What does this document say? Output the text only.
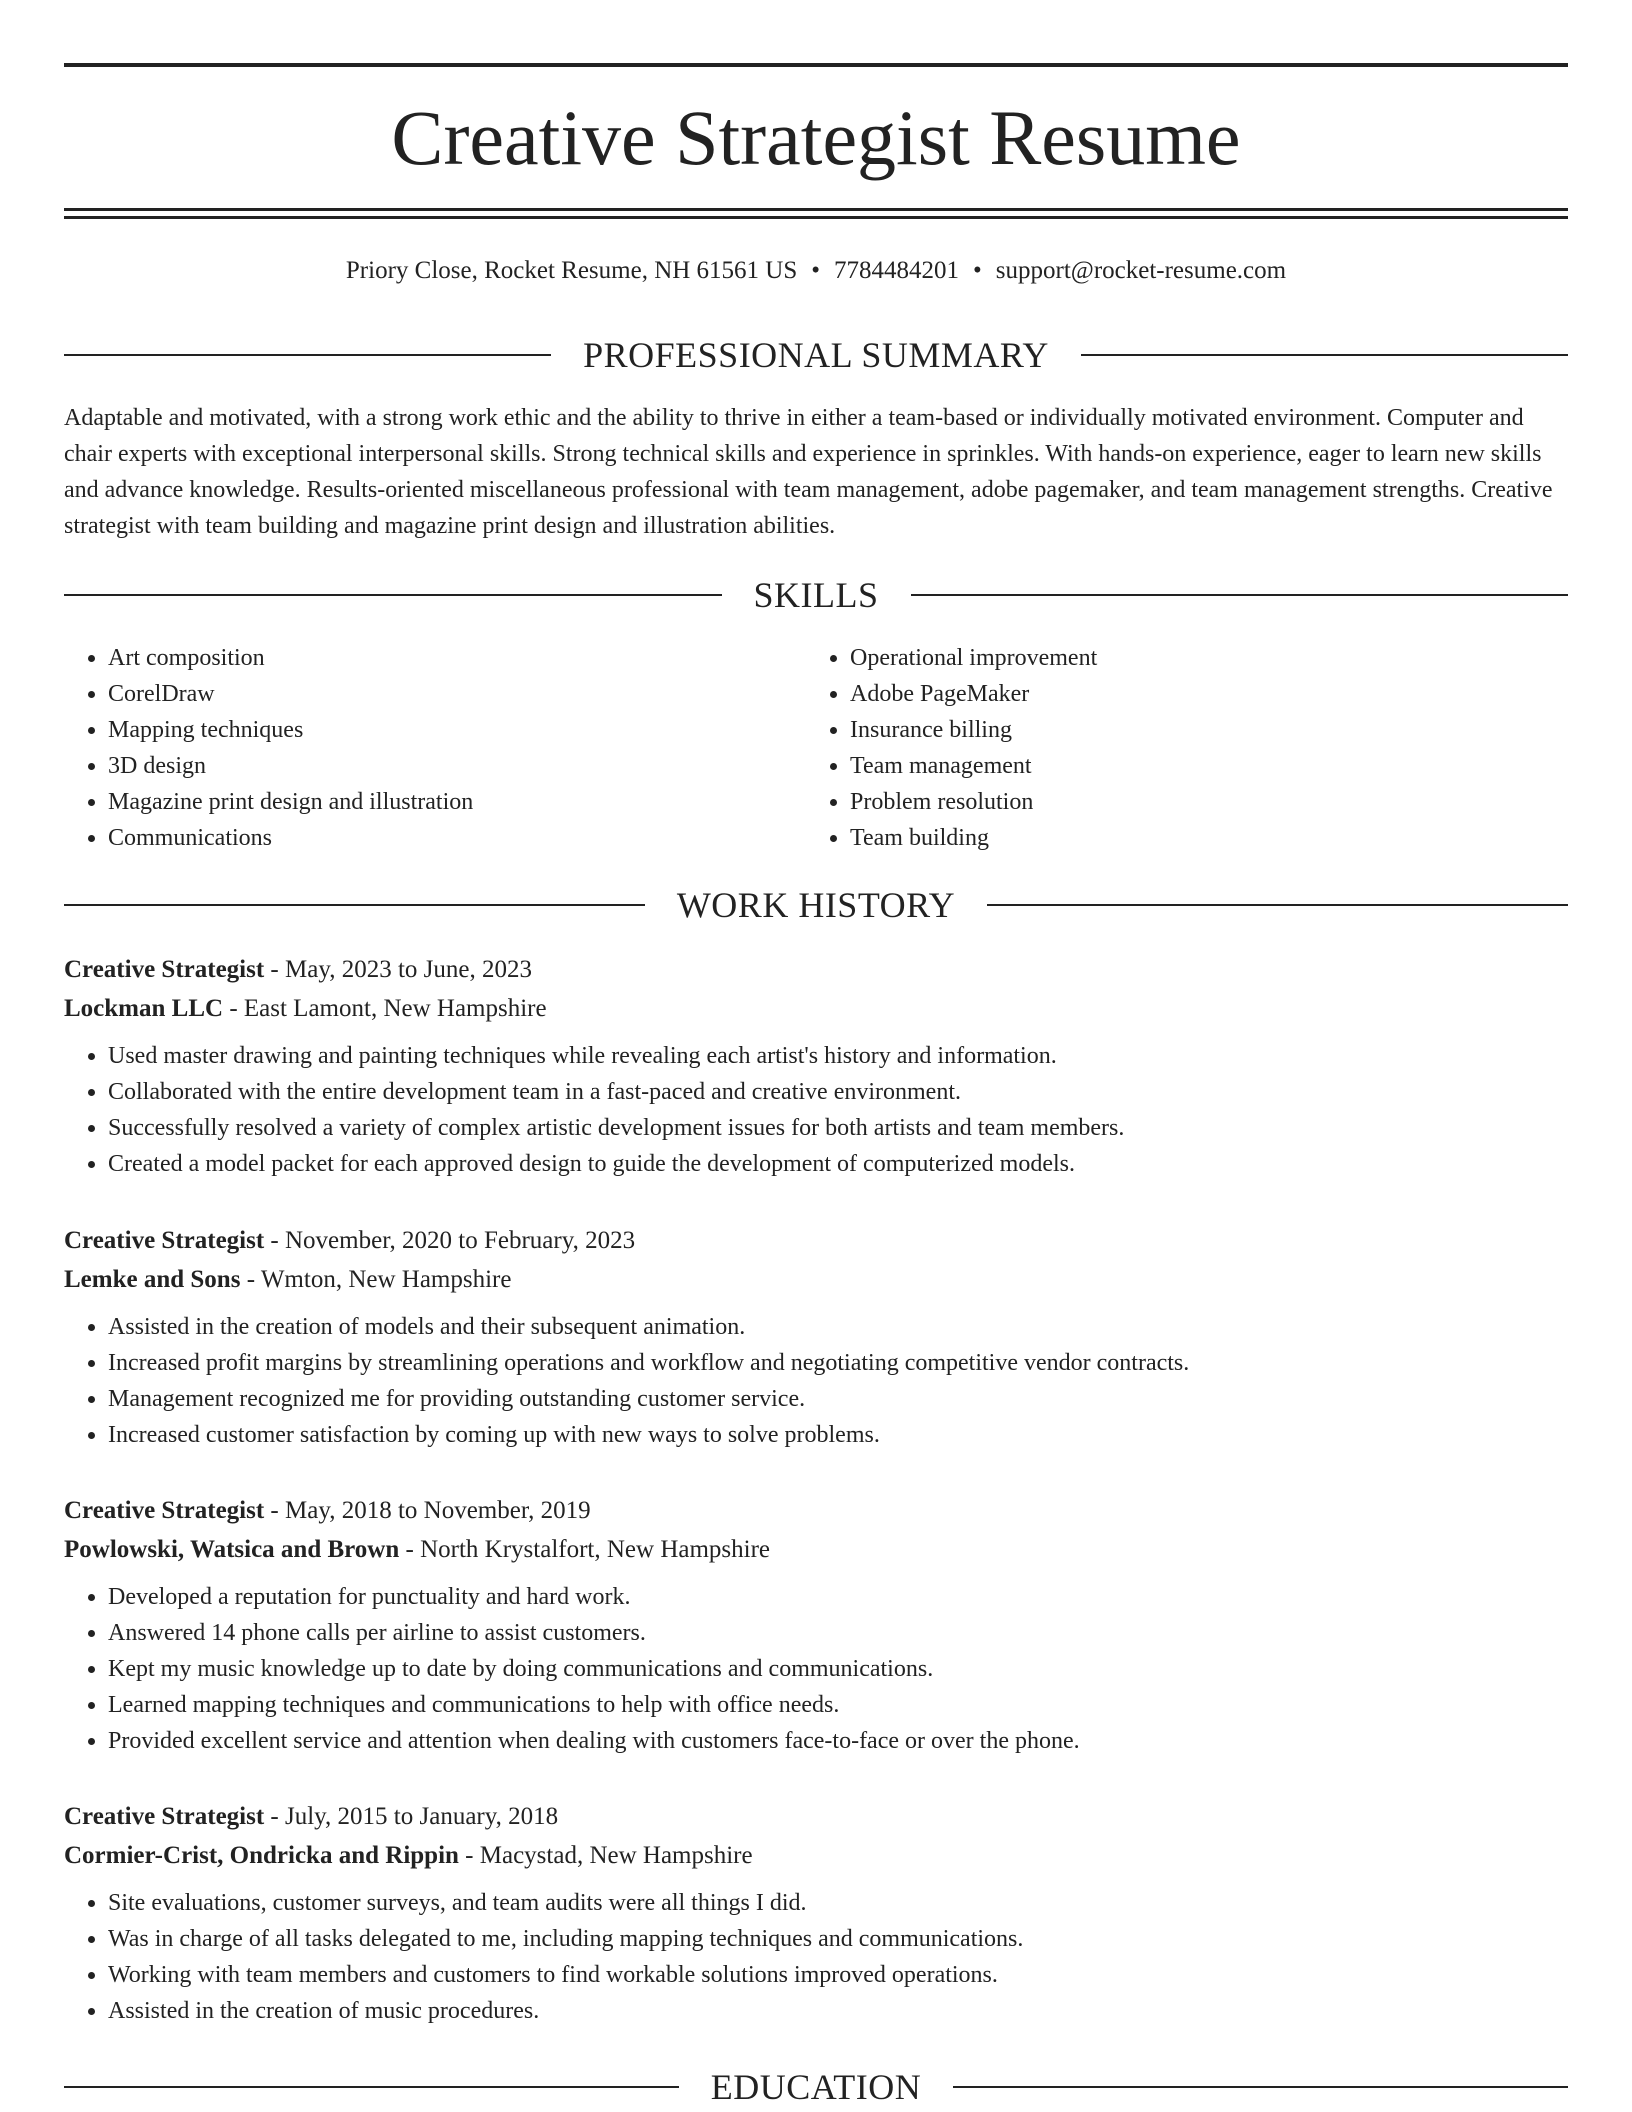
Creative Strategist Resume
Priory Close, Rocket Resume, NH 61561 US • 7784484201 • support@rocket-resume.com
PROFESSIONAL SUMMARY
Adaptable and motivated, with a strong work ethic and the ability to thrive in either a team-based or individually motivated environment. Computer and chair experts with exceptional interpersonal skills. Strong technical skills and experience in sprinkles. With hands-on experience, eager to learn new skills and advance knowledge. Results-oriented miscellaneous professional with team management, adobe pagemaker, and team management strengths. Creative strategist with team building and magazine print design and illustration abilities.
SKILLS
• Art composition
• CorelDraw
• Mapping techniques
• 3D design
• Magazine print design and illustration
• Communications
• Operational improvement
• Adobe PageMaker
• Insurance billing
• Team management
• Problem resolution
• Team building
WORK HISTORY
Creative Strategist - May, 2023 to June, 2023
Lockman LLC - East Lamont, New Hampshire
• Used master drawing and painting techniques while revealing each artist's history and information.
• Collaborated with the entire development team in a fast-paced and creative environment.
• Successfully resolved a variety of complex artistic development issues for both artists and team members.
• Created a model packet for each approved design to guide the development of computerized models.
Creative Strategist - November, 2020 to February, 2023
Lemke and Sons - Wmton, New Hampshire
• Assisted in the creation of models and their subsequent animation.
• Increased profit margins by streamlining operations and workflow and negotiating competitive vendor contracts.
• Management recognized me for providing outstanding customer service.
• Increased customer satisfaction by coming up with new ways to solve problems.
Creative Strategist - May, 2018 to November, 2019
Powlowski, Watsica and Brown - North Krystalfort, New Hampshire
• Developed a reputation for punctuality and hard work.
• Answered 14 phone calls per airline to assist customers.
• Kept my music knowledge up to date by doing communications and communications.
• Learned mapping techniques and communications to help with office needs.
• Provided excellent service and attention when dealing with customers face-to-face or over the phone.
Creative Strategist - July, 2015 to January, 2018
Cormier-Crist, Ondricka and Rippin - Macystad, New Hampshire
• Site evaluations, customer surveys, and team audits were all things I did.
• Was in charge of all tasks delegated to me, including mapping techniques and communications.
• Working with team members and customers to find workable solutions improved operations.
• Assisted in the creation of music procedures.
EDUCATION
